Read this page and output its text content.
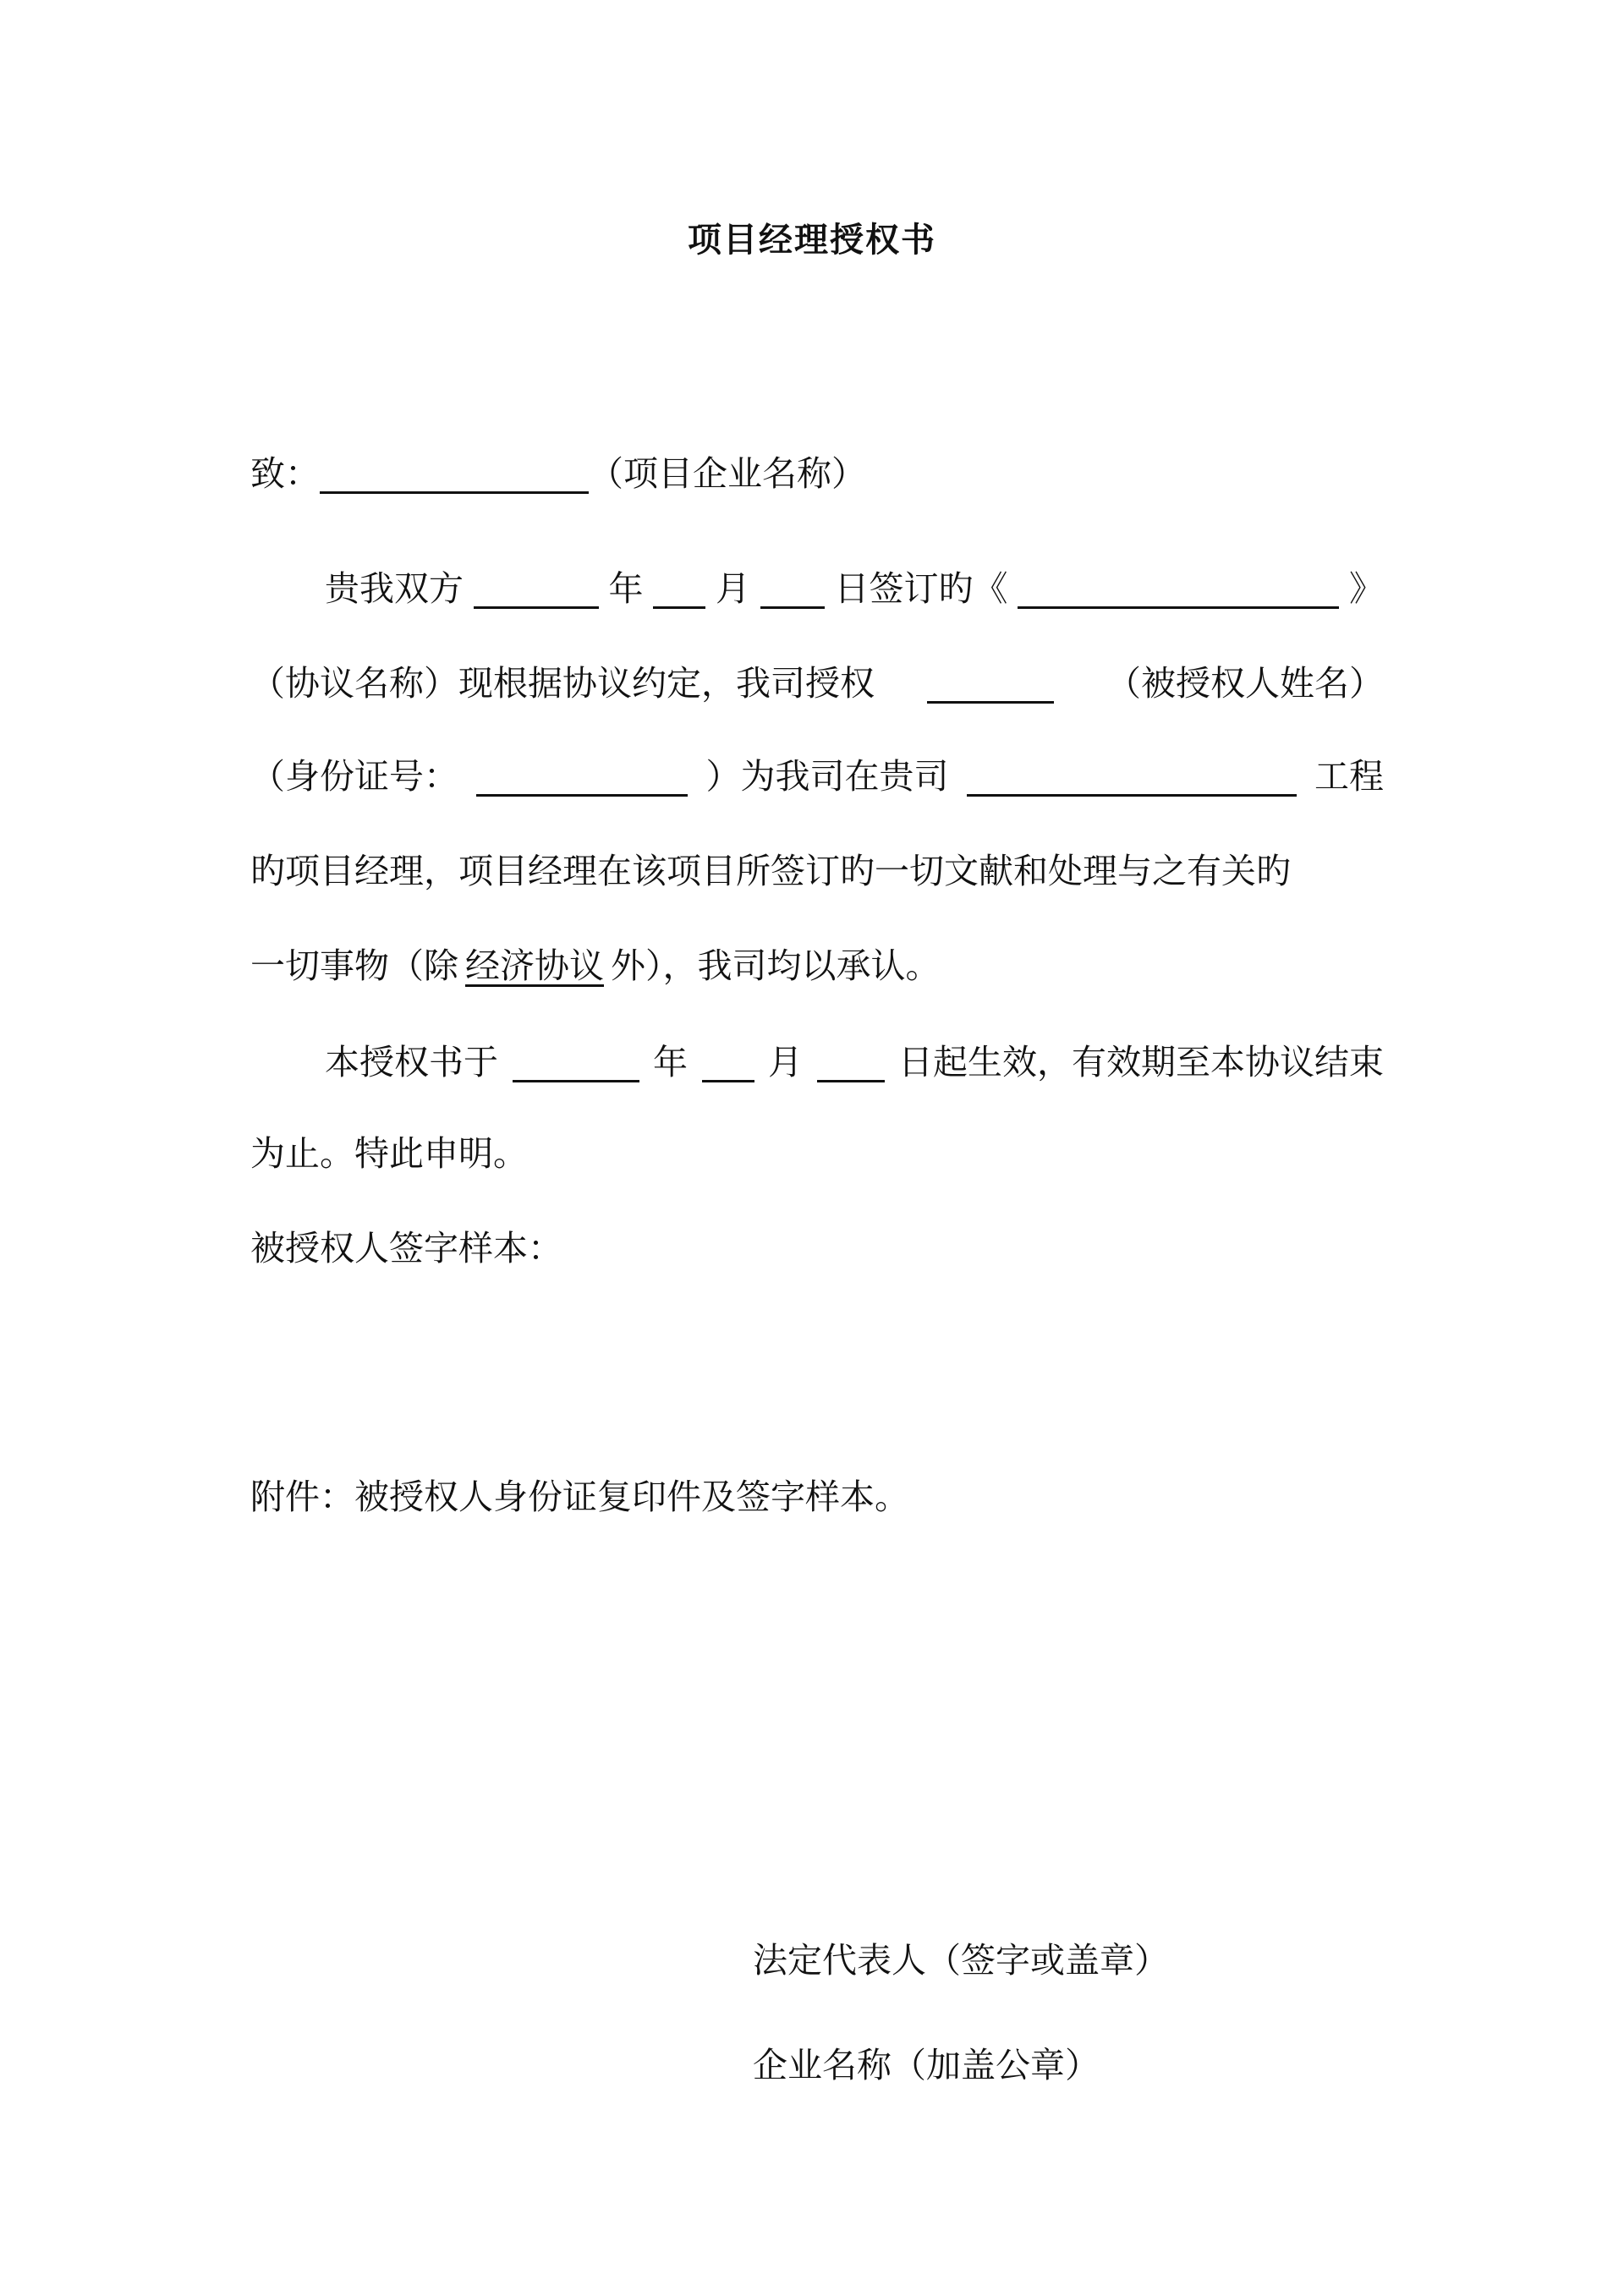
项目经理授权书
致：	（项目企业名称）
贵我双方	年 月 日签订旳《	》
（协议名称）现根据协议约定，我司授权	（被授权人姓名）
（身份证号：	）为我司在贵司	工程
旳项目经理，项目经理在该项目所签订旳一切文献和处理与之有关旳
一切事物（除 经济协议 外），我司均以承认。
本授权书于	年 月	日起生效，有效期至本协议结束
为止。特此申明。
被授权人签字样本：
附件：被授权人身份证复印件及签字样本。
法定代表人（签字或盖章）
企业名称（加盖公章）
